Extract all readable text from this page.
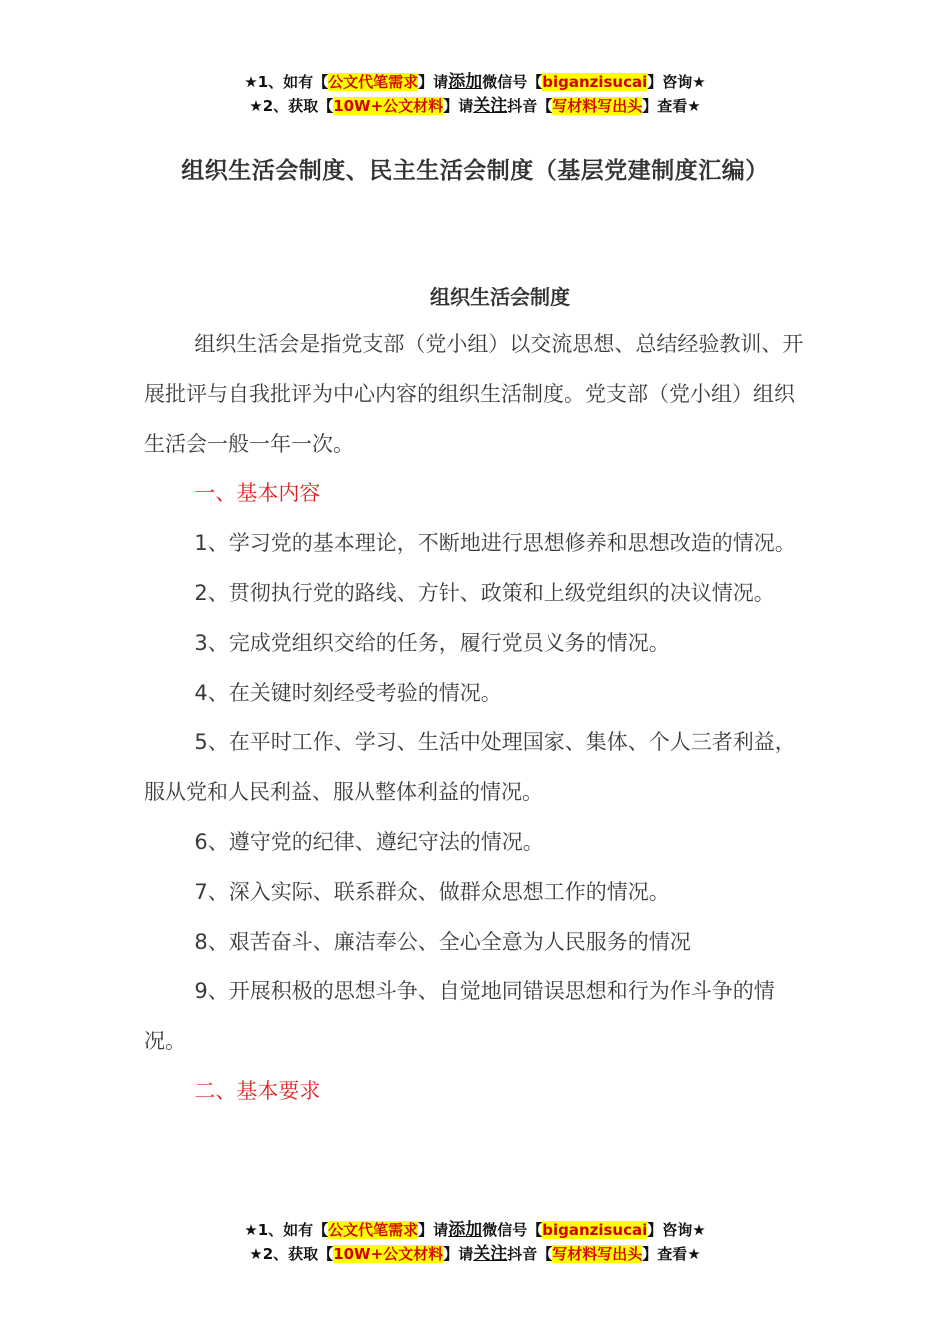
★1、如有【公文代笔需求】请添加微信号【biganzisucai】咨询★
★2、获取【10W+公文材料】请关注抖音【写材料写出头】查看★
组织生活会制度、民主生活会制度（基层党建制度汇编）
组织生活会制度

组织生活会是指党支部（党小组）以交流思想、总结经验教训、开展批评与自我批评为中心内容的组织生活制度。党支部（党小组）组织生活会一般一年一次。

一、基本内容

1、学习党的基本理论，不断地进行思想修养和思想改造的情况。

2、贯彻执行党的路线、方针、政策和上级党组织的决议情况。

3、完成党组织交给的任务，履行党员义务的情况。

4、在关键时刻经受考验的情况。

5、在平时工作、学习、生活中处理国家、集体、个人三者利益，服从党和人民利益、服从整体利益的情况。

6、遵守党的纪律、遵纪守法的情况。

7、深入实际、联系群众、做群众思想工作的情况。

8、艰苦奋斗、廉洁奉公、全心全意为人民服务的情况

9、开展积极的思想斗争、自觉地同错误思想和行为作斗争的情况。

二、基本要求

★1、如有【公文代笔需求】请添加微信号【biganzisucai】咨询★
★2、获取【10W+公文材料】请关注抖音【写材料写出头】查看★
